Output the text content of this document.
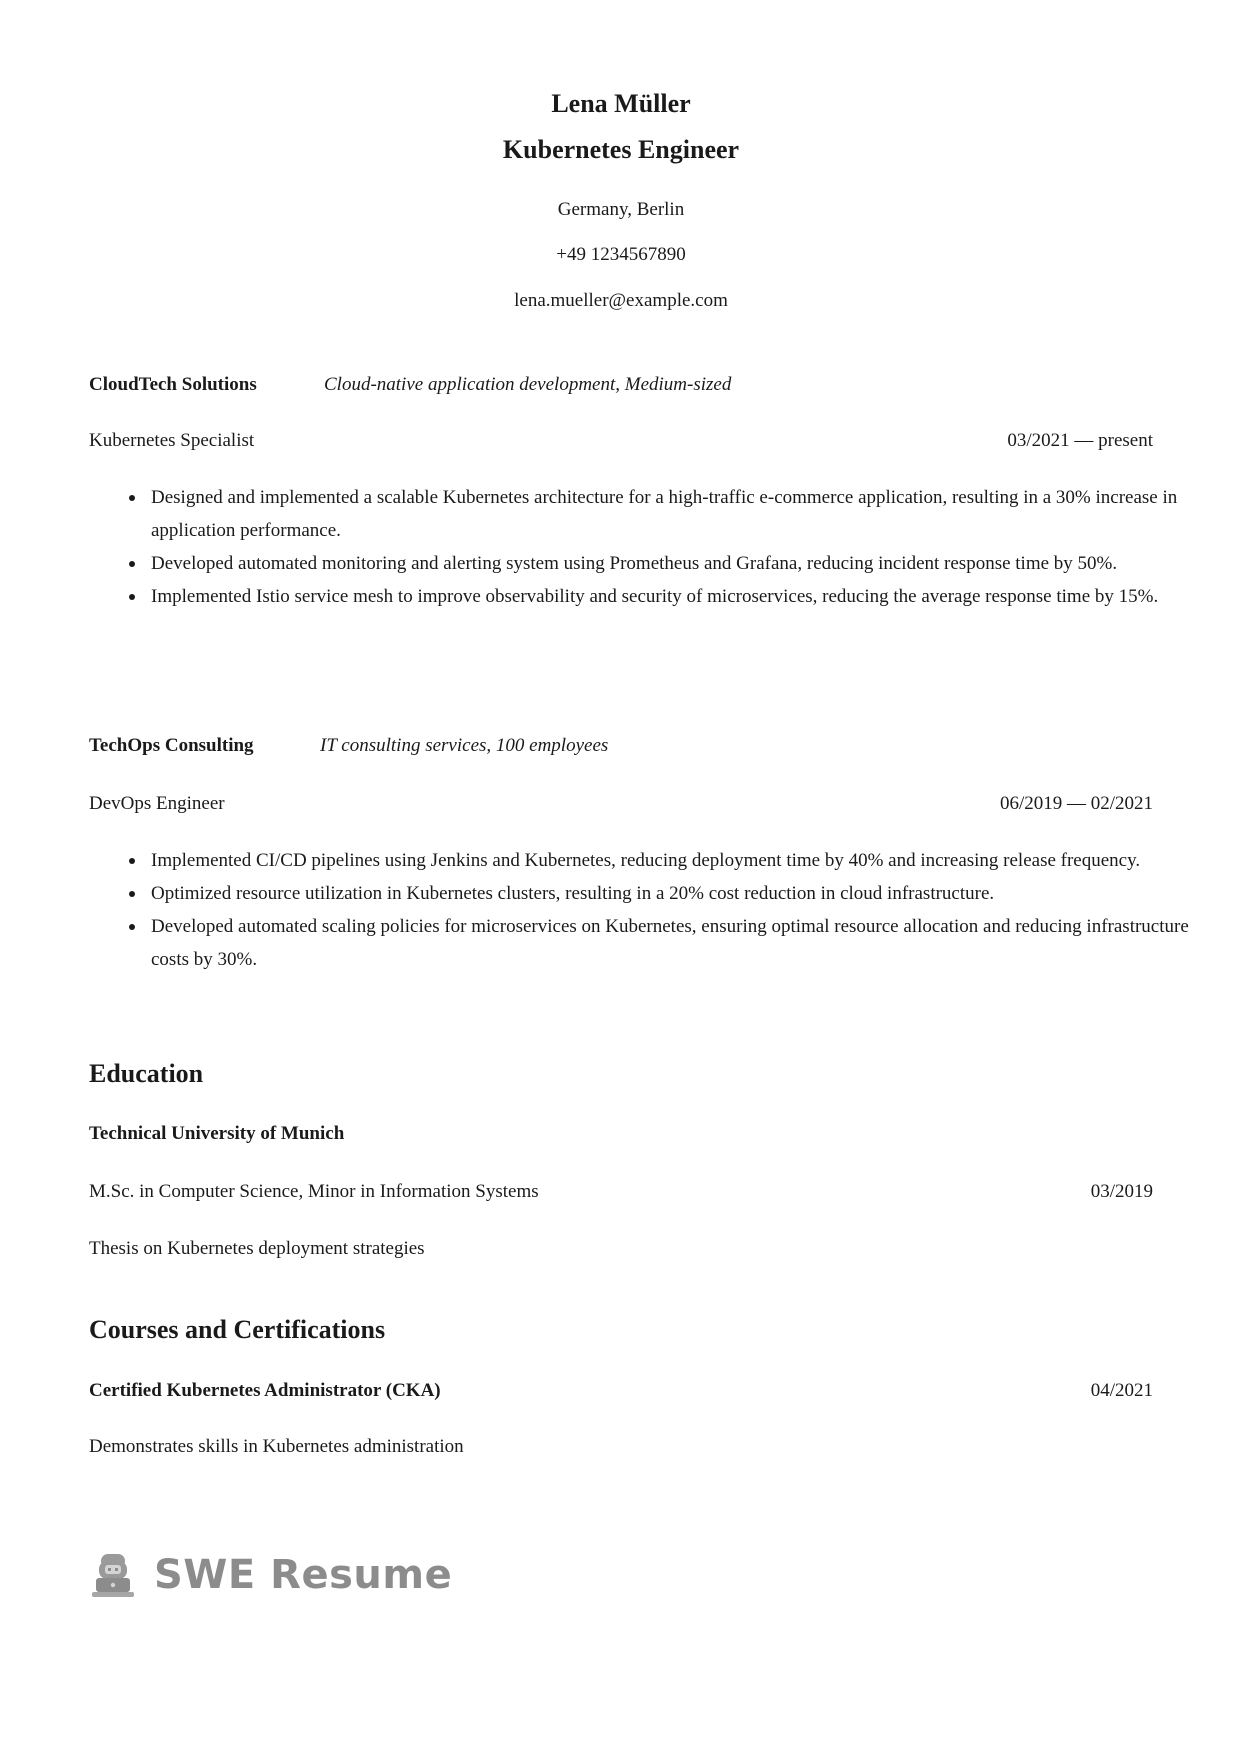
Lena Müller
Kubernetes Engineer
Germany, Berlin
+49 1234567890
lena.mueller@example.com
CloudTech Solutions	Cloud-native application development, Medium-sized
Kubernetes Specialist	03/2021 — present
Designed and implemented a scalable Kubernetes architecture for a high-traffic e-commerce application, resulting in a 30% increase in application performance.
Developed automated monitoring and alerting system using Prometheus and Grafana, reducing incident response time by 50%.
Implemented Istio service mesh to improve observability and security of microservices, reducing the average response time by 15%.
TechOps Consulting	IT consulting services, 100 employees
DevOps Engineer	06/2019 — 02/2021
Implemented CI/CD pipelines using Jenkins and Kubernetes, reducing deployment time by 40% and increasing release frequency.
Optimized resource utilization in Kubernetes clusters, resulting in a 20% cost reduction in cloud infrastructure.
Developed automated scaling policies for microservices on Kubernetes, ensuring optimal resource allocation and reducing infrastructure costs by 30%.
Education
Technical University of Munich
M.Sc. in Computer Science, Minor in Information Systems	03/2019
Thesis on Kubernetes deployment strategies
Courses and Certifications
Certified Kubernetes Administrator (CKA)	04/2021
Demonstrates skills in Kubernetes administration
SWE Resume
